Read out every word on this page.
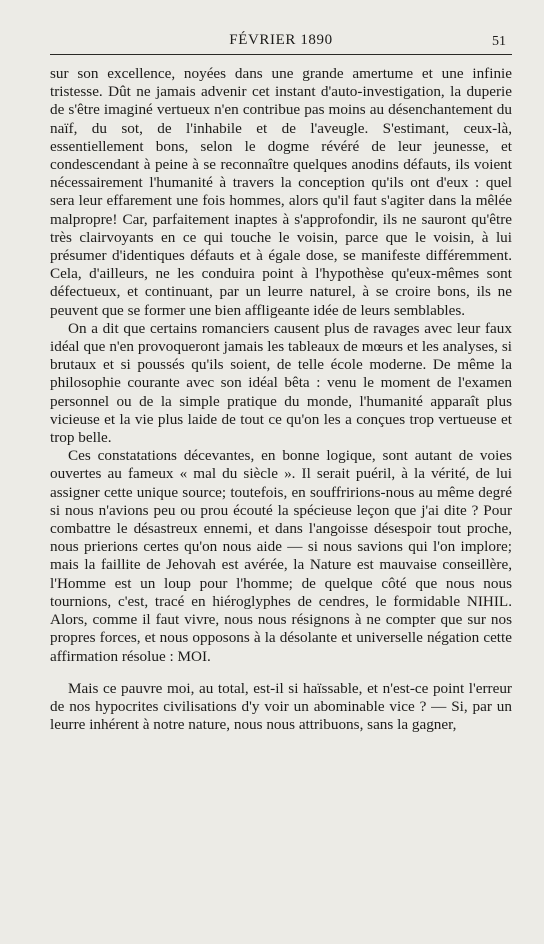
FÉVRIER 1890	51

sur son excellence, noyées dans une grande amertume et une infinie tristesse. Dût ne jamais advenir cet instant d'auto-investigation, la duperie de s'être imaginé vertueux n'en contribue pas moins au désenchantement du naïf, du sot, de l'inhabile et de l'aveugle. S'estimant, ceux-là, essentiellement bons, selon le dogme révéré de leur jeunesse, et condescendant à peine à se reconnaître quelques anodins défauts, ils voient nécessairement l'humanité à travers la conception qu'ils ont d'eux : quel sera leur effarement une fois hommes, alors qu'il faut s'agiter dans la mêlée malpropre! Car, parfaitement inaptes à s'approfondir, ils ne sauront qu'être très clairvoyants en ce qui touche le voisin, parce que le voisin, à lui présumer d'identiques défauts et à égale dose, se manifeste différemment. Cela, d'ailleurs, ne les conduira point à l'hypothèse qu'eux-mêmes sont défectueux, et continuant, par un leurre naturel, à se croire bons, ils ne peuvent que se former une bien affligeante idée de leurs semblables.

On a dit que certains romanciers causent plus de ravages avec leur faux idéal que n'en provoqueront jamais les tableaux de mœurs et les analyses, si brutaux et si poussés qu'ils soient, de telle école moderne. De même la philosophie courante avec son idéal bêta : venu le moment de l'examen personnel ou de la simple pratique du monde, l'humanité apparaît plus vicieuse et la vie plus laide de tout ce qu'on les a conçues trop vertueuse et trop belle.

Ces constatations décevantes, en bonne logique, sont autant de voies ouvertes au fameux « mal du siècle ». Il serait puéril, à la vérité, de lui assigner cette unique source; toutefois, en souffririons-nous au même degré si nous n'avions peu ou prou écouté la spécieuse leçon que j'ai dite ? Pour combattre le désastreux ennemi, et dans l'angoisse désespoir tout proche, nous prierions certes qu'on nous aide — si nous savions qui l'on implore; mais la faillite de Jehovah est avérée, la Nature est mauvaise conseillère, l'Homme est un loup pour l'homme; de quelque côté que nous nous tournions, c'est, tracé en hiéroglyphes de cendres, le formidable NIHIL. Alors, comme il faut vivre, nous nous résignons à ne compter que sur nos propres forces, et nous opposons à la désolante et universelle négation cette affirmation résolue : MOI.

Mais ce pauvre moi, au total, est-il si haïssable, et n'est-ce point l'erreur de nos hypocrites civilisations d'y voir un abominable vice ? — Si, par un leurre inhérent à notre nature, nous nous attribuons, sans la gagner,
